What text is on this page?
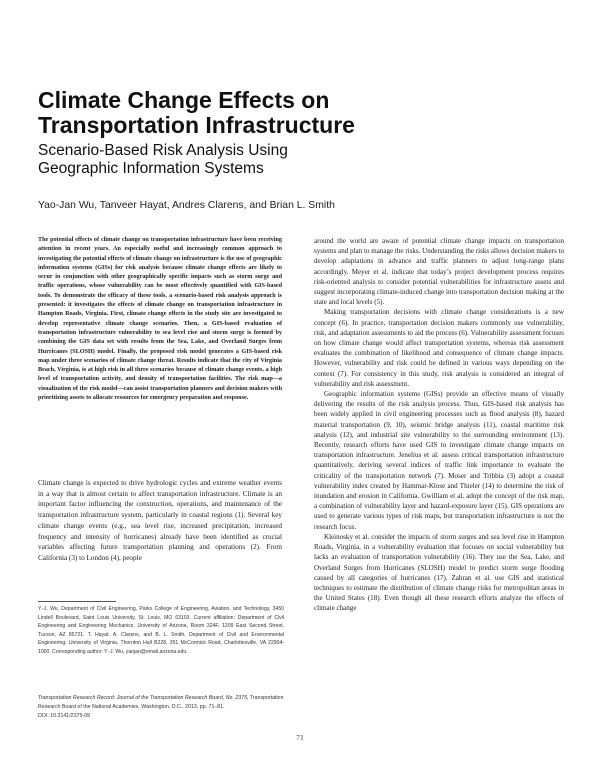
Climate Change Effects on
Transportation Infrastructure
Scenario-Based Risk Analysis Using
Geographic Information Systems
Yao-Jan Wu, Tanveer Hayat, Andres Clarens, and Brian L. Smith
The potential effects of climate change on transportation infrastructure have been receiving attention in recent years. An especially useful and increasingly common approach to investigating the potential effects of climate change on infrastructure is the use of geographic information systems (GISs) for risk analysis because climate change effects are likely to occur in conjunction with other geographically specific impacts such as storm surge and traffic operations, whose vulnerability can be most effectively quantified with GIS-based tools. To demonstrate the efficacy of these tools, a scenario-based risk analysis approach is presented: it investigates the effects of climate change on transportation infrastructure in Hampton Roads, Virginia. First, climate change effects in the study site are investigated to develop representative climate change scenarios. Then, a GIS-based evaluation of transportation infrastructure vulnerability to sea level rise and storm surge is formed by combining the GIS data set with results from the Sea, Lake, and Overland Surges from Hurricanes (SLOSH) model. Finally, the proposed risk model generates a GIS-based risk map under three scenarios of climate change threat. Results indicate that the city of Virginia Beach, Virginia, is at high risk in all three scenarios because of climate change events, a high level of transportation activity, and density of transportation facilities. The risk map—a visualization of the risk model—can assist transportation planners and decision makers with prioritizing assets to allocate resources for emergency preparation and response.

Climate change is expected to drive hydrologic cycles and extreme weather events in a way that is almost certain to affect transportation infrastructure. Climate is an important factor influencing the construction, operations, and maintenance of the transportation infrastructure system, particularly in coastal regions (1). Several key climate change events (e.g., sea level rise, increased precipitation, increased frequency and intensity of hurricanes) already have been identified as crucial variables affecting future transportation planning and operations (2). From California (3) to London (4), people

Y.-J. Wu, Department of Civil Engineering, Parks College of Engineering, Aviation, and Technology, 3450 Lindell Boulevard, Saint Louis University, St. Louis, MO 63103. Current affiliation: Department of Civil Engineering and Engineering Mechanics, University of Arizona, Room 324F, 1209 East Second Street, Tucson, AZ 85721. T. Hayat, A. Clarens, and B. L. Smith, Department of Civil and Environmental Engineering, University of Virginia, Thornton Hall B228, 351 McCormick Road, Charlottesville, VA 22904-1000. Corresponding author: Y.-J. Wu, yaojan@email.arizona.edu.
Transportation Research Record: Journal of the Transportation Research Board, No. 2375, Transportation Research Board of the National Academies, Washington, D.C., 2013, pp. 71–81.
DOI: 10.3141/2375-09

around the world are aware of potential climate change impacts on transportation systems and plan to manage the risks. Understanding the risks allows decision makers to develop adaptations in advance and traffic planners to adjust long-range plans accordingly. Meyer et al. indicate that today’s project development process requires risk-oriented analysis to consider potential vulnerabilities for infrastructure assets and suggest incorporating climate-induced change into transportation decision making at the state and local levels (5).

Making transportation decisions with climate change considerations is a new concept (6). In practice, transportation decision makers commonly use vulnerability, risk, and adaptation assessments to aid the process (6). Vulnerability assessment focuses on how climate change would affect transportation systems, whereas risk assessment evaluates the combination of likelihood and consequence of climate change impacts. However, vulnerability and risk could be defined in various ways depending on the context (7). For consistency in this study, risk analysis is considered an integral of vulnerability and risk assessment.

Geographic information systems (GISs) provide an effective means of visually delivering the results of the risk analysis process. Thus, GIS-based risk analysis has been widely applied in civil engineering processes such as flood analysis (8), hazard material transportation (9, 10), seismic bridge analysis (11), coastal maritime risk analysis (12), and industrial site vulnerability to the surrounding environment (13). Recently, research efforts have used GIS to investigate climate change impacts on transportation infrastructure. Jenelius et al. assess critical transportation infrastructure quantitatively, deriving several indices of traffic link importance to evaluate the criticality of the transportation network (7). Moser and Tribbia (3) adopt a coastal vulnerability index created by Hammar-Klose and Thieler (14) to determine the risk of inundation and erosion in California. Gwilliam et al. adopt the concept of the risk map, a combination of vulnerability layer and hazard-exposure layer (15). GIS operations are used to generate various types of risk maps, but transportation infrastructure is not the research focus.

Kleinosky et al. consider the impacts of storm surges and sea level rise in Hampton Roads, Virginia, in a vulnerability evaluation that focuses on social vulnerability but lacks an evaluation of transportation vulnerability (16). They use the Sea, Lake, and Overland Surges from Hurricanes (SLOSH) model to predict storm surge flooding caused by all categories of hurricanes (17). Zahran et al. use GIS and statistical techniques to estimate the distribution of climate change risks for metropolitan areas in the United States (18). Even though all these research efforts analyze the effects of climate change

71
